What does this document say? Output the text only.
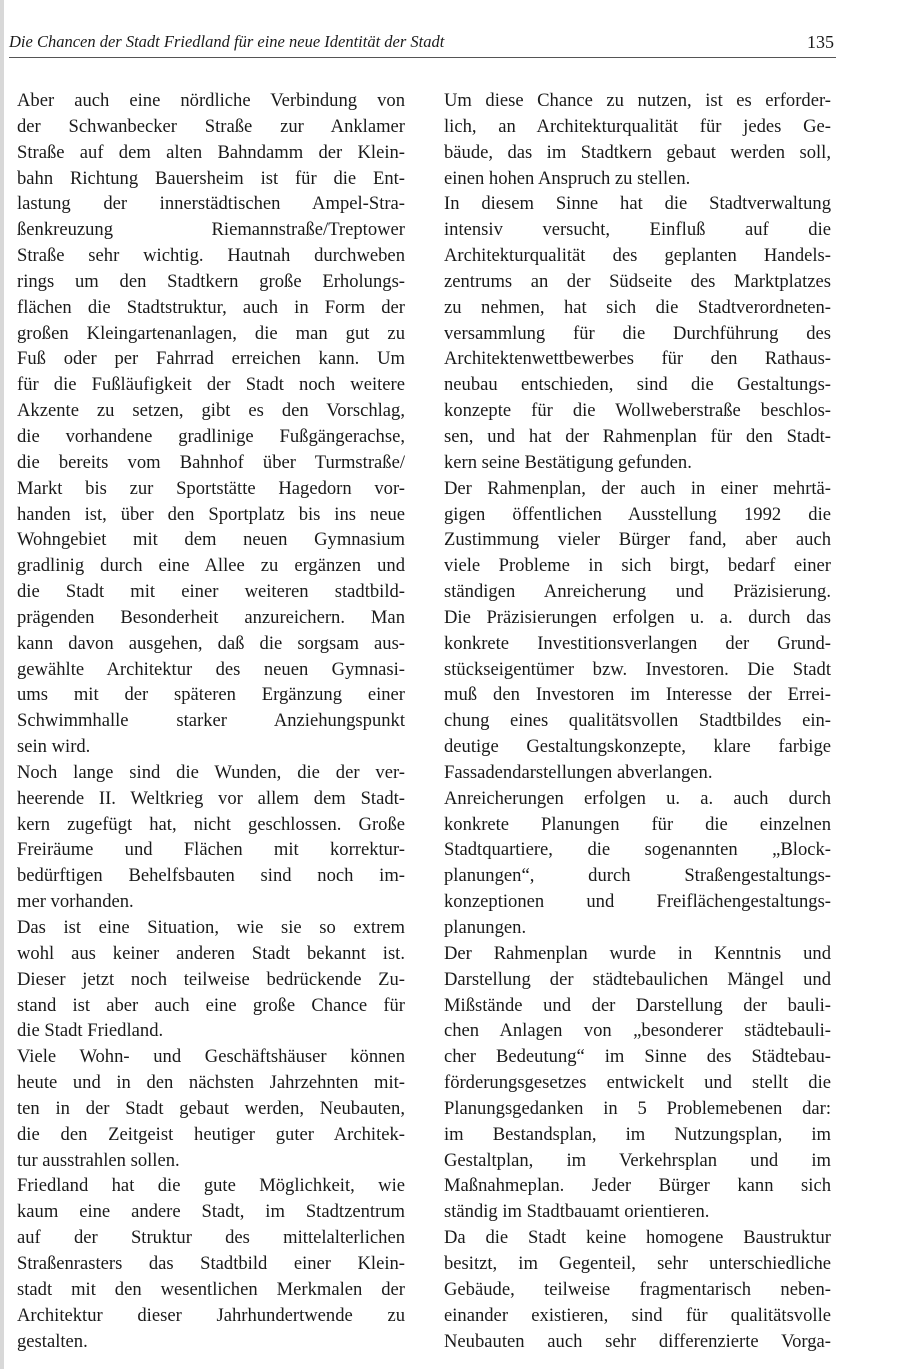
Die Chancen der Stadt Friedland für eine neue Identität der Stadt	135
Aber auch eine nördliche Verbindung von
der Schwanbecker Straße zur Anklamer
Straße auf dem alten Bahndamm der Klein-
bahn Richtung Bauersheim ist für die Ent-
lastung der innerstädtischen Ampel-Stra-
ßenkreuzung Riemannstraße/Treptower
Straße sehr wichtig. Hautnah durchweben
rings um den Stadtkern große Erholungs-
flächen die Stadtstruktur, auch in Form der
großen Kleingartenanlagen, die man gut zu
Fuß oder per Fahrrad erreichen kann. Um
für die Fußläufigkeit der Stadt noch weitere
Akzente zu setzen, gibt es den Vorschlag,
die vorhandene gradlinige Fußgängerachse,
die bereits vom Bahnhof über Turmstraße/
Markt bis zur Sportstätte Hagedorn vor-
handen ist, über den Sportplatz bis ins neue
Wohngebiet mit dem neuen Gymnasium
gradlinig durch eine Allee zu ergänzen und
die Stadt mit einer weiteren stadtbild-
prägenden Besonderheit anzureichern. Man
kann davon ausgehen, daß die sorgsam aus-
gewählte Architektur des neuen Gymnasi-
ums mit der späteren Ergänzung einer
Schwimmhalle starker Anziehungspunkt
sein wird.
Noch lange sind die Wunden, die der ver-
heerende II. Weltkrieg vor allem dem Stadt-
kern zugefügt hat, nicht geschlossen. Große
Freiräume und Flächen mit korrektur-
bedürftigen Behelfsbauten sind noch im-
mer vorhanden.
Das ist eine Situation, wie sie so extrem
wohl aus keiner anderen Stadt bekannt ist.
Dieser jetzt noch teilweise bedrückende Zu-
stand ist aber auch eine große Chance für
die Stadt Friedland.
Viele Wohn- und Geschäftshäuser können
heute und in den nächsten Jahrzehnten mit-
ten in der Stadt gebaut werden, Neubauten,
die den Zeitgeist heutiger guter Architek-
tur ausstrahlen sollen.
Friedland hat die gute Möglichkeit, wie
kaum eine andere Stadt, im Stadtzentrum
auf der Struktur des mittelalterlichen
Straßenrasters das Stadtbild einer Klein-
stadt mit den wesentlichen Merkmalen der
Architektur dieser Jahrhundertwende zu
gestalten.
Um diese Chance zu nutzen, ist es erforder-
lich, an Architekturqualität für jedes Ge-
bäude, das im Stadtkern gebaut werden soll,
einen hohen Anspruch zu stellen.
In diesem Sinne hat die Stadtverwaltung
intensiv versucht, Einfluß auf die
Architekturqualität des geplanten Handels-
zentrums an der Südseite des Marktplatzes
zu nehmen, hat sich die Stadtverordneten-
versammlung für die Durchführung des
Architektenwettbewerbes für den Rathaus-
neubau entschieden, sind die Gestaltungs-
konzepte für die Wollweberstraße beschlos-
sen, und hat der Rahmenplan für den Stadt-
kern seine Bestätigung gefunden.
Der Rahmenplan, der auch in einer mehrtä-
gigen öffentlichen Ausstellung 1992 die
Zustimmung vieler Bürger fand, aber auch
viele Probleme in sich birgt, bedarf einer
ständigen Anreicherung und Präzisierung.
Die Präzisierungen erfolgen u. a. durch das
konkrete Investitionsverlangen der Grund-
stückseigentümer bzw. Investoren. Die Stadt
muß den Investoren im Interesse der Errei-
chung eines qualitätsvollen Stadtbildes ein-
deutige Gestaltungskonzepte, klare farbige
Fassadendarstellungen abverlangen.
Anreicherungen erfolgen u. a. auch durch
konkrete Planungen für die einzelnen
Stadtquartiere, die sogenannten „Block-
planungen“, durch Straßengestaltungs-
konzeptionen und Freiflächengestaltungs-
planungen.
Der Rahmenplan wurde in Kenntnis und
Darstellung der städtebaulichen Mängel und
Mißstände und der Darstellung der bauli-
chen Anlagen von „besonderer städtebauli-
cher Bedeutung“ im Sinne des Städtebau-
förderungsgesetzes entwickelt und stellt die
Planungsgedanken in 5 Problemebenen dar:
im Bestandsplan, im Nutzungsplan, im
Gestaltplan, im Verkehrsplan und im
Maßnahmeplan. Jeder Bürger kann sich
ständig im Stadtbauamt orientieren.
Da die Stadt keine homogene Baustruktur
besitzt, im Gegenteil, sehr unterschiedliche
Gebäude, teilweise fragmentarisch neben-
einander existieren, sind für qualitätsvolle
Neubauten auch sehr differenzierte Vorga-
